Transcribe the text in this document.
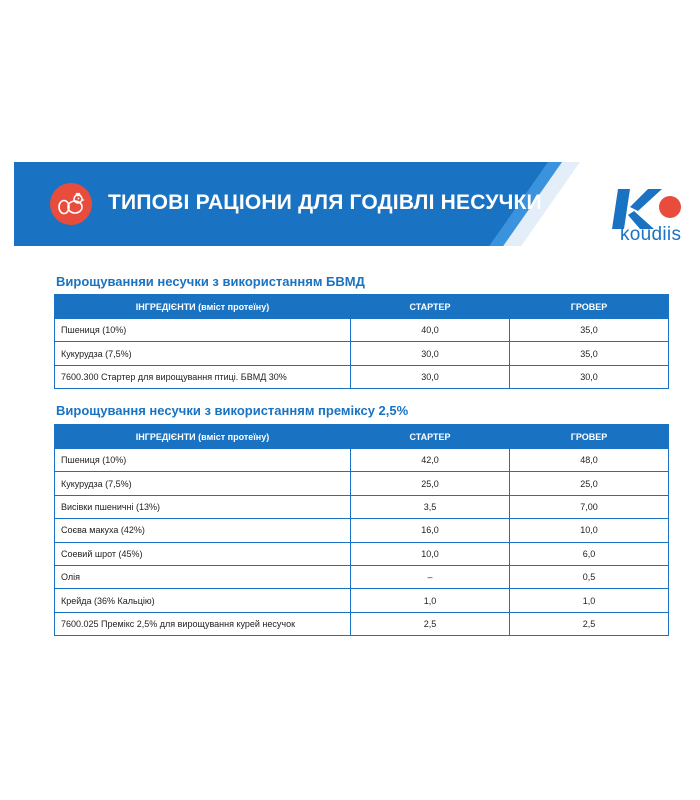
ТИПОВІ РАЦІОНИ ДЛЯ ГОДІВЛІ НЕСУЧКИ
koudiis
Вирощуванняи несучки з використанням БВМД
ІНГРЕДІЄНТИ (вміст протеїну)	СТАРТЕР	ГРОВЕР
Пшениця (10%)	40,0	35,0
Кукурудза (7,5%)	30,0	35,0
7600.300 Стартер для вирощування птиці. БВМД 30%	30,0	30,0
Вирощування несучки з використанням преміксу 2,5%
ІНГРЕДІЄНТИ (вміст протеїну)	СТАРТЕР	ГРОВЕР
Пшениця (10%)	42,0	48,0
Кукурудза (7,5%)	25,0	25,0
Висівки пшеничні (13%)	3,5	7,00
Соєва макуха (42%)	16,0	10,0
Соевий шрот (45%)	10,0	6,0
Олія	–	0,5
Крейда (36% Кальцію)	1,0	1,0
7600.025 Премікс 2,5% для вирощування курей несучок	2,5	2,5
